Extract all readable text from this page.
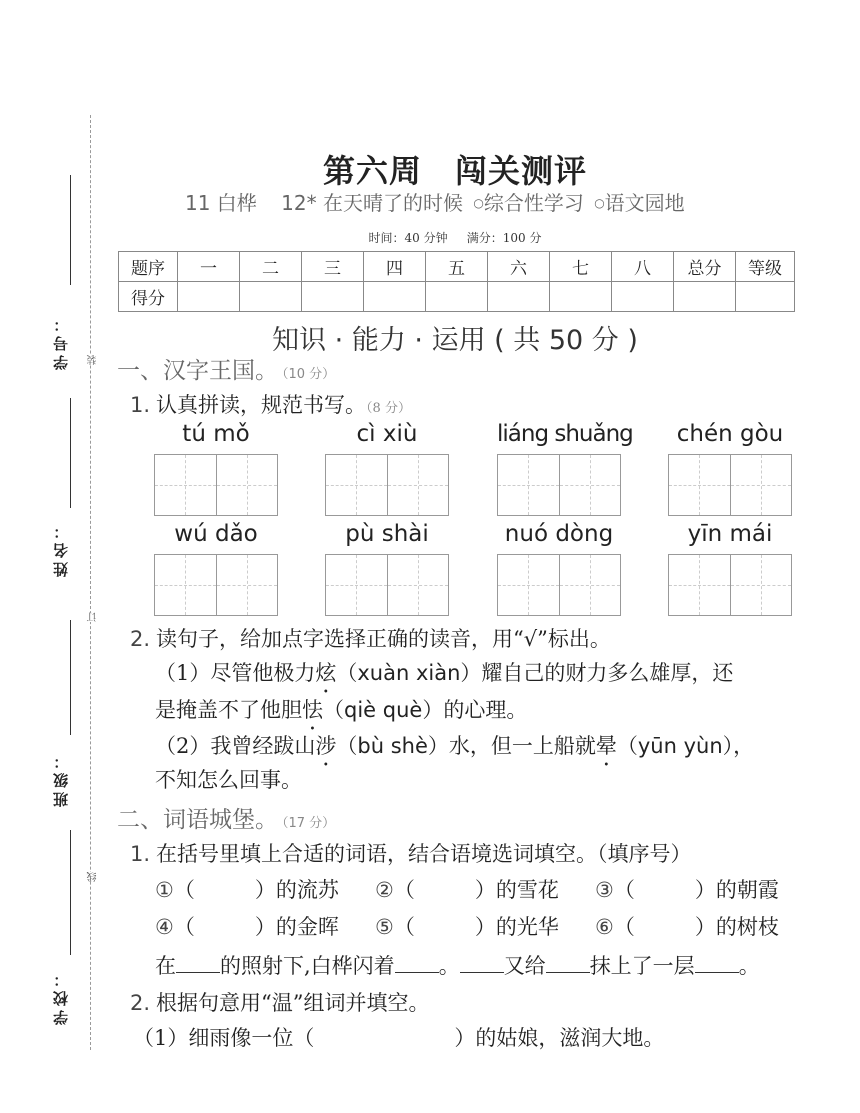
学号： 装
姓名：
订
班级：
线
学校：
第六周　闯关测评
11 白桦 12* 在天晴了的时候 ○综合性学习 ○语文园地
时间：40 分钟 满分：100 分
题序	一	二	三	四	五	六	七	八	总分	等级
得分										
知识 · 能力 · 运用 ( 共 50 分 )
一、汉字王国。 （10 分）
1. 认真拼读，规范书写。（8 分）
tú mǒ	cì xiù	liáng shuǎng	chén gòu
wú dǎo	pù shài	nuó dòng	yīn mái
2. 读句子，给加点字选择正确的读音，用“√”标出。
（1）尽管他极力炫（xuàn xiàn）耀自己的财力多么雄厚，还
是掩盖不了他胆怯（qiè què）的心理。
（2）我曾经跋山涉（bù shè）水，但一上船就晕（yūn yùn），
不知怎么回事。
二、词语城堡。 （17 分）
1. 在括号里填上合适的词语，结合语境选词填空。（填序号）
①（	）的流苏 ②（	）的雪花 ③（	）的朝霞
④（	）的金晖 ⑤（	）的光华 ⑥（	）的树枝
在 的照射下,白桦闪着 。 又给 抹上了一层 。
2. 根据句意用“温”组词并填空。
（1）细雨像一位（	）的姑娘，滋润大地。
